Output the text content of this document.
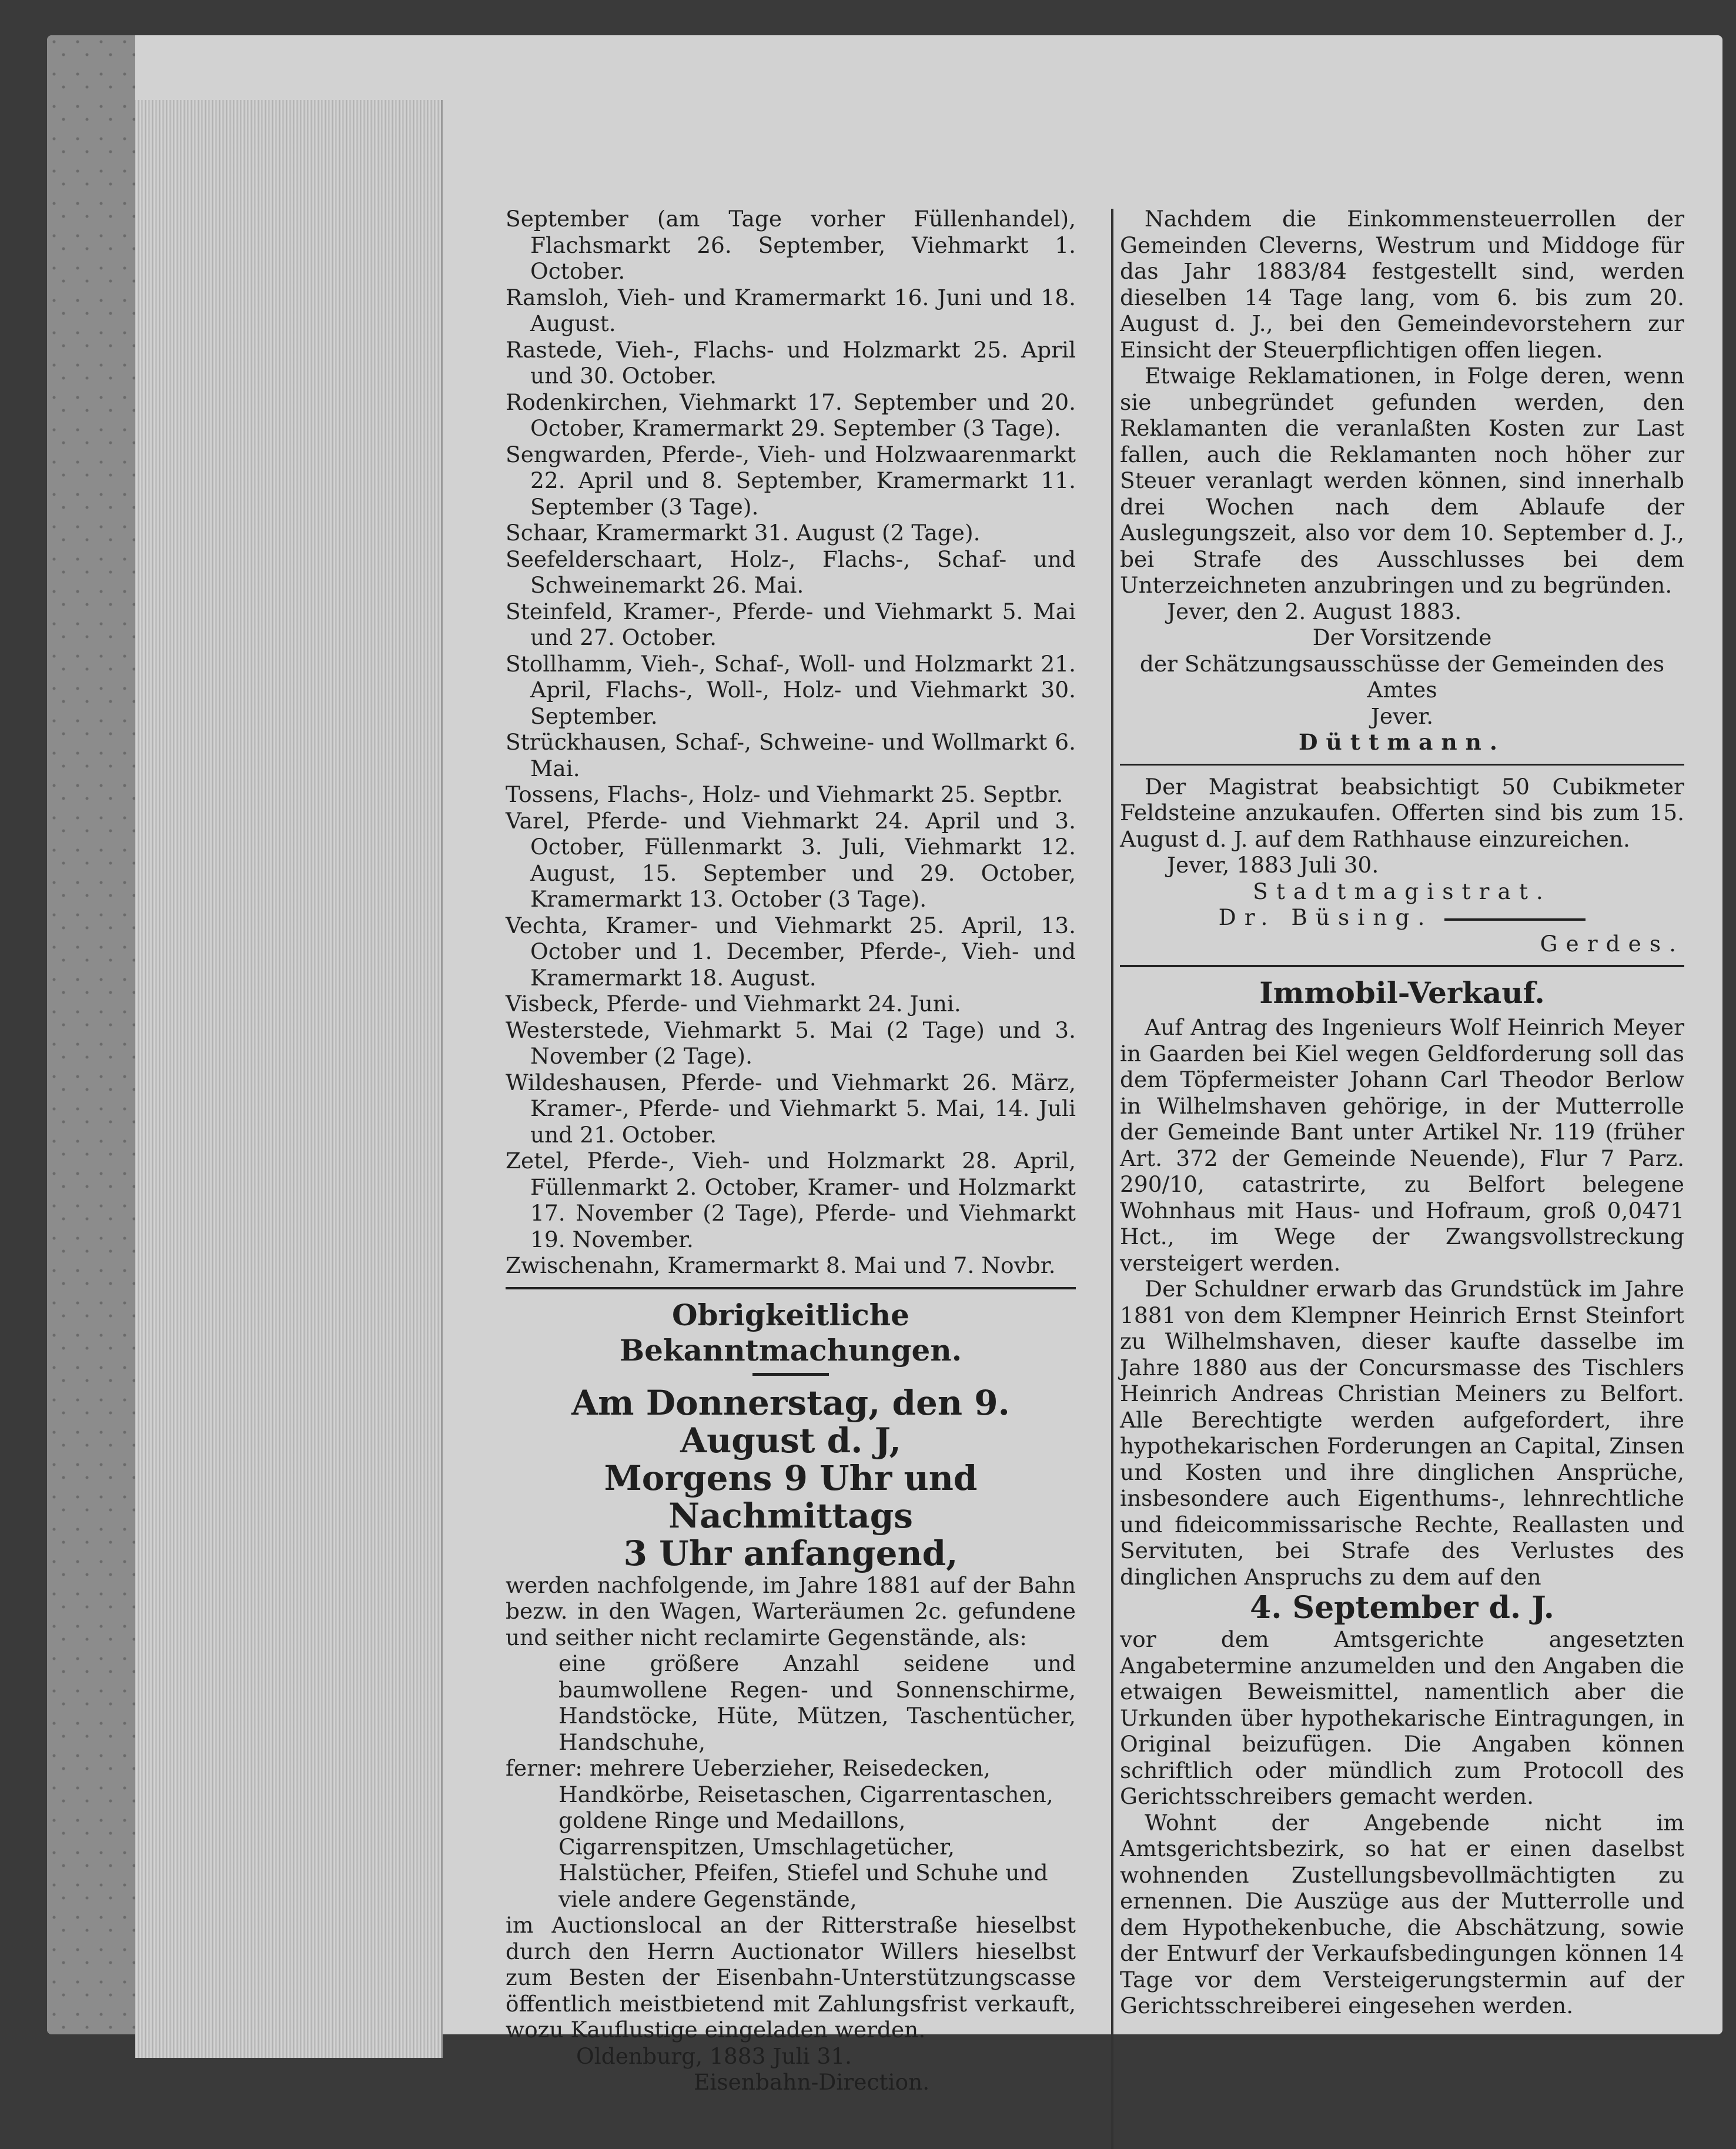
September (am Tage vorher Füllenhandel), Flachsmarkt 26. September, Viehmarkt 1. October.

Ramsloh, Vieh- und Kramermarkt 16. Juni und 18. August.

Rastede, Vieh-, Flachs- und Holzmarkt 25. April und 30. October.

Rodenkirchen, Viehmarkt 17. September und 20. October, Kramermarkt 29. September (3 Tage).

Sengwarden, Pferde-, Vieh- und Holzwaarenmarkt 22. April und 8. September, Kramermarkt 11. September (3 Tage).

Schaar, Kramermarkt 31. August (2 Tage).

Seefelderschaart, Holz-, Flachs-, Schaf- und Schweinemarkt 26. Mai.

Steinfeld, Kramer-, Pferde- und Viehmarkt 5. Mai und 27. October.

Stollhamm, Vieh-, Schaf-, Woll- und Holzmarkt 21. April, Flachs-, Woll-, Holz- und Viehmarkt 30. September.

Strückhausen, Schaf-, Schweine- und Wollmarkt 6. Mai.

Tossens, Flachs-, Holz- und Viehmarkt 25. Septbr.

Varel, Pferde- und Viehmarkt 24. April und 3. October, Füllenmarkt 3. Juli, Viehmarkt 12. August, 15. September und 29. October, Kramermarkt 13. October (3 Tage).

Vechta, Kramer- und Viehmarkt 25. April, 13. October und 1. December, Pferde-, Vieh- und Kramermarkt 18. August.

Visbeck, Pferde- und Viehmarkt 24. Juni.

Westerstede, Viehmarkt 5. Mai (2 Tage) und 3. November (2 Tage).

Wildeshausen, Pferde- und Viehmarkt 26. März, Kramer-, Pferde- und Viehmarkt 5. Mai, 14. Juli und 21. October.

Zetel, Pferde-, Vieh- und Holzmarkt 28. April, Füllenmarkt 2. October, Kramer- und Holzmarkt 17. November (2 Tage), Pferde- und Viehmarkt 19. November.

Zwischenahn, Kramermarkt 8. Mai und 7. Novbr.

Obrigkeitliche Bekanntmachungen.

Am Donnerstag, den 9. August d. J,

Morgens 9 Uhr und Nachmittags

3 Uhr anfangend,

werden nachfolgende, im Jahre 1881 auf der Bahn bezw. in den Wagen, Warteräumen 2c. gefundene und seither nicht reclamirte Gegenstände, als:

eine größere Anzahl seidene und baumwollene Regen- und Sonnenschirme, Handstöcke, Hüte, Mützen, Taschentücher, Handschuhe,

ferner: mehrere Ueberzieher, Reisedecken, Handkörbe, Reisetaschen, Cigarrentaschen, goldene Ringe und Medaillons, Cigarrenspitzen, Umschlagetücher, Halstücher, Pfeifen, Stiefel und Schuhe und viele andere Gegenstände,

im Auctionslocal an der Ritterstraße hieselbst durch den Herrn Auctionator Willers hieselbst zum Besten der Eisenbahn-Unterstützungscasse öffentlich meistbietend mit Zahlungsfrist verkauft, wozu Kauflustige eingeladen werden.

Oldenburg, 1883 Juli 31.

Eisenbahn-Direction.

Nachdem die Einkommensteuerrollen der Gemeinden Cleverns, Westrum und Middoge für das Jahr 1883/84 festgestellt sind, werden dieselben 14 Tage lang, vom 6. bis zum 20. August d. J., bei den Gemeindevorstehern zur Einsicht der Steuerpflichtigen offen liegen.

Etwaige Reklamationen, in Folge deren, wenn sie unbegründet gefunden werden, den Reklamanten die veranlaßten Kosten zur Last fallen, auch die Reklamanten noch höher zur Steuer veranlagt werden können, sind innerhalb drei Wochen nach dem Ablaufe der Auslegungszeit, also vor dem 10. September d. J., bei Strafe des Ausschlusses bei dem Unterzeichneten anzubringen und zu begründen.

Jever, den 2. August 1883.

Der Vorsitzende

der Schätzungsausschüsse der Gemeinden des Amtes

Jever.

Düttmann.

Der Magistrat beabsichtigt 50 Cubikmeter Feldsteine anzukaufen. Offerten sind bis zum 15. August d. J. auf dem Rathhause einzureichen.

Jever, 1883 Juli 30.

Stadtmagistrat.

Dr. Büsing.

Gerdes.

Immobil-Verkauf.

Auf Antrag des Ingenieurs Wolf Heinrich Meyer in Gaarden bei Kiel wegen Geldforderung soll das dem Töpfermeister Johann Carl Theodor Berlow in Wilhelmshaven gehörige, in der Mutterrolle der Gemeinde Bant unter Artikel Nr. 119 (früher Art. 372 der Gemeinde Neuende), Flur 7 Parz. 290/10, catastrirte, zu Belfort belegene Wohnhaus mit Haus- und Hofraum, groß 0,0471 Hct., im Wege der Zwangsvollstreckung versteigert werden.

Der Schuldner erwarb das Grundstück im Jahre 1881 von dem Klempner Heinrich Ernst Steinfort zu Wilhelmshaven, dieser kaufte dasselbe im Jahre 1880 aus der Concursmasse des Tischlers Heinrich Andreas Christian Meiners zu Belfort. Alle Berechtigte werden aufgefordert, ihre hypothekarischen Forderungen an Capital, Zinsen und Kosten und ihre dinglichen Ansprüche, insbesondere auch Eigenthums-, lehnrechtliche und fideicommissarische Rechte, Reallasten und Servituten, bei Strafe des Verlustes des dinglichen Anspruchs zu dem auf den

4. September d. J.

vor dem Amtsgerichte angesetzten Angabetermine anzumelden und den Angaben die etwaigen Beweismittel, namentlich aber die Urkunden über hypothekarische Eintragungen, in Original beizufügen. Die Angaben können schriftlich oder mündlich zum Protocoll des Gerichtsschreibers gemacht werden.

Wohnt der Angebende nicht im Amtsgerichtsbezirk, so hat er einen daselbst wohnenden Zustellungsbevollmächtigten zu ernennen. Die Auszüge aus der Mutterrolle und dem Hypothekenbuche, die Abschätzung, sowie der Entwurf der Verkaufsbedingungen können 14 Tage vor dem Versteigerungstermin auf der Gerichtsschreiberei eingesehen werden.
